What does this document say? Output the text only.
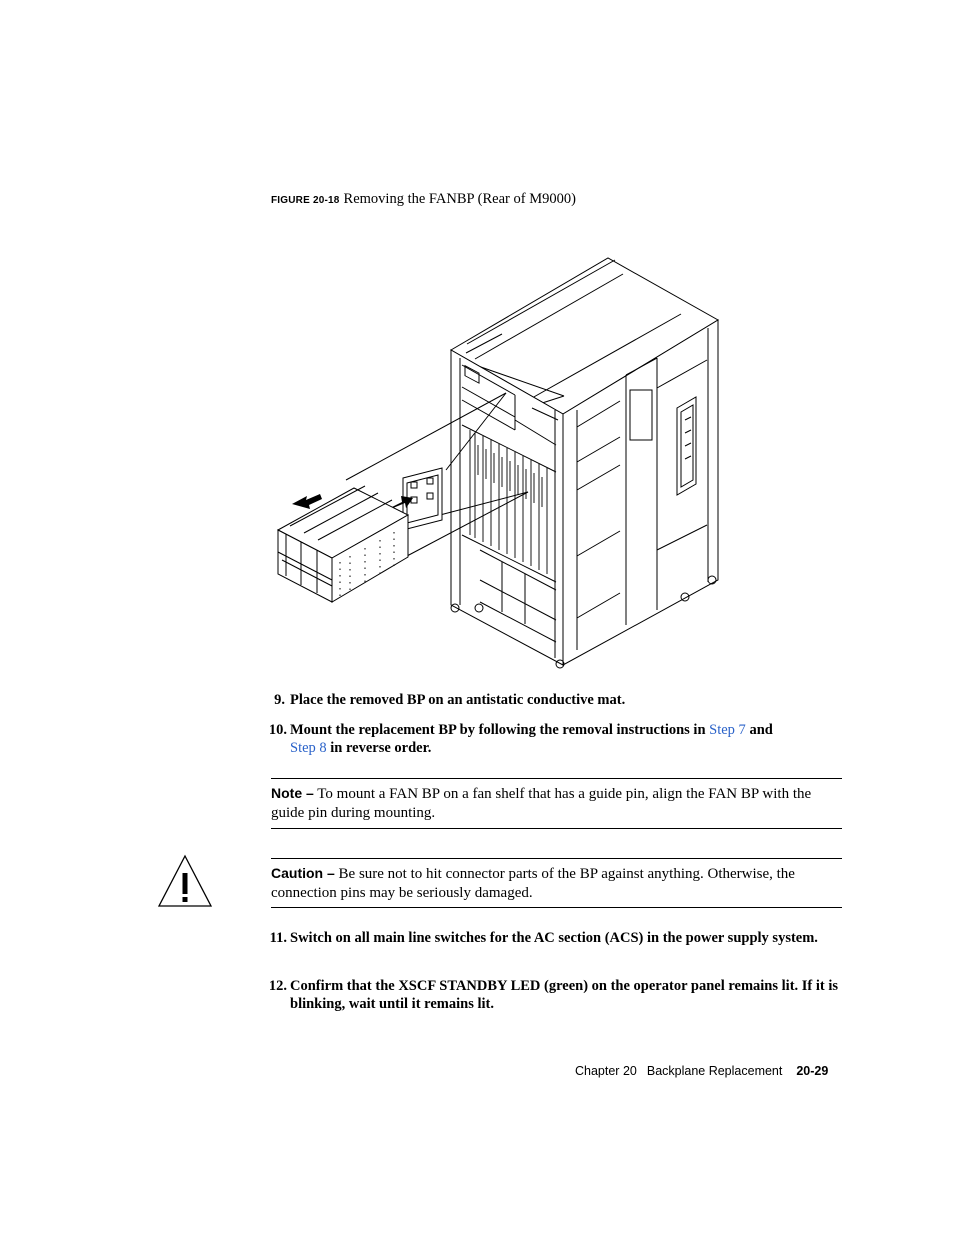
FIGURE 20-18 Removing the FANBP (Rear of M9000)
9. Place the removed BP on an antistatic conductive mat.
10. Mount the replacement BP by following the removal instructions in Step 7 and
Step 8 in reverse order.
Note – To mount a FAN BP on a fan shelf that has a guide pin, align the FAN BP with the guide pin during mounting.
Caution – Be sure not to hit connector parts of the BP against anything. Otherwise, the connection pins may be seriously damaged.
11. Switch on all main line switches for the AC section (ACS) in the power supply system.
12. Confirm that the XSCF STANDBY LED (green) on the operator panel remains lit. If it is blinking, wait until it remains lit.
Chapter 20 Backplane Replacement 20-29
